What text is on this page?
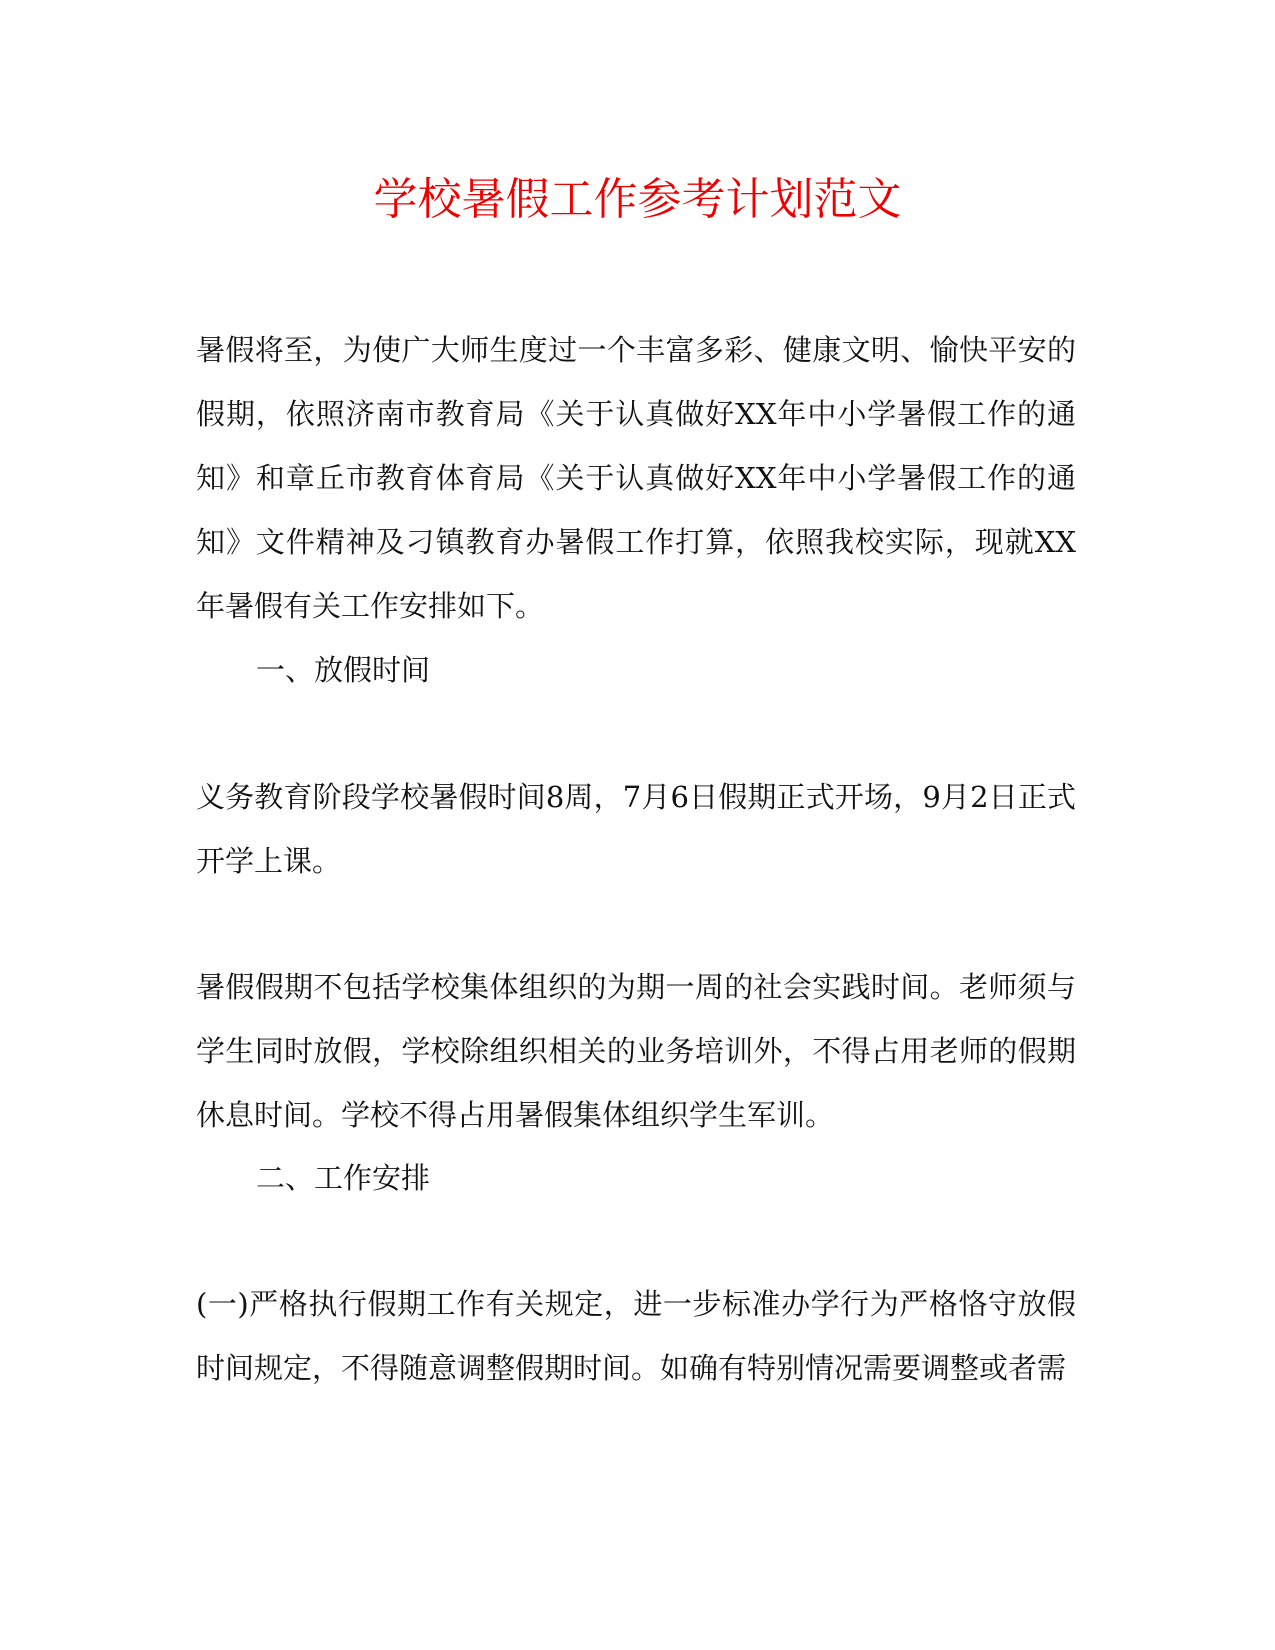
学校暑假工作参考计划范文

暑假将至，为使广大师生度过一个丰富多彩、健康文明、愉快平安的假期，依照济南市教育局《关于认真做好XX年中小学暑假工作的通知》和章丘市教育体育局《关于认真做好XX年中小学暑假工作的通知》文件精神及刁镇教育办暑假工作打算，依照我校实际，现就XX年暑假有关工作安排如下。

一、放假时间

义务教育阶段学校暑假时间8周，7月6日假期正式开场，9月2日正式开学上课。

暑假假期不包括学校集体组织的为期一周的社会实践时间。老师须与学生同时放假，学校除组织相关的业务培训外，不得占用老师的假期休息时间。学校不得占用暑假集体组织学生军训。

二、工作安排

(一)严格执行假期工作有关规定，进一步标准办学行为严格恪守放假时间规定，不得随意调整假期时间。如确有特别情况需要调整或者需
